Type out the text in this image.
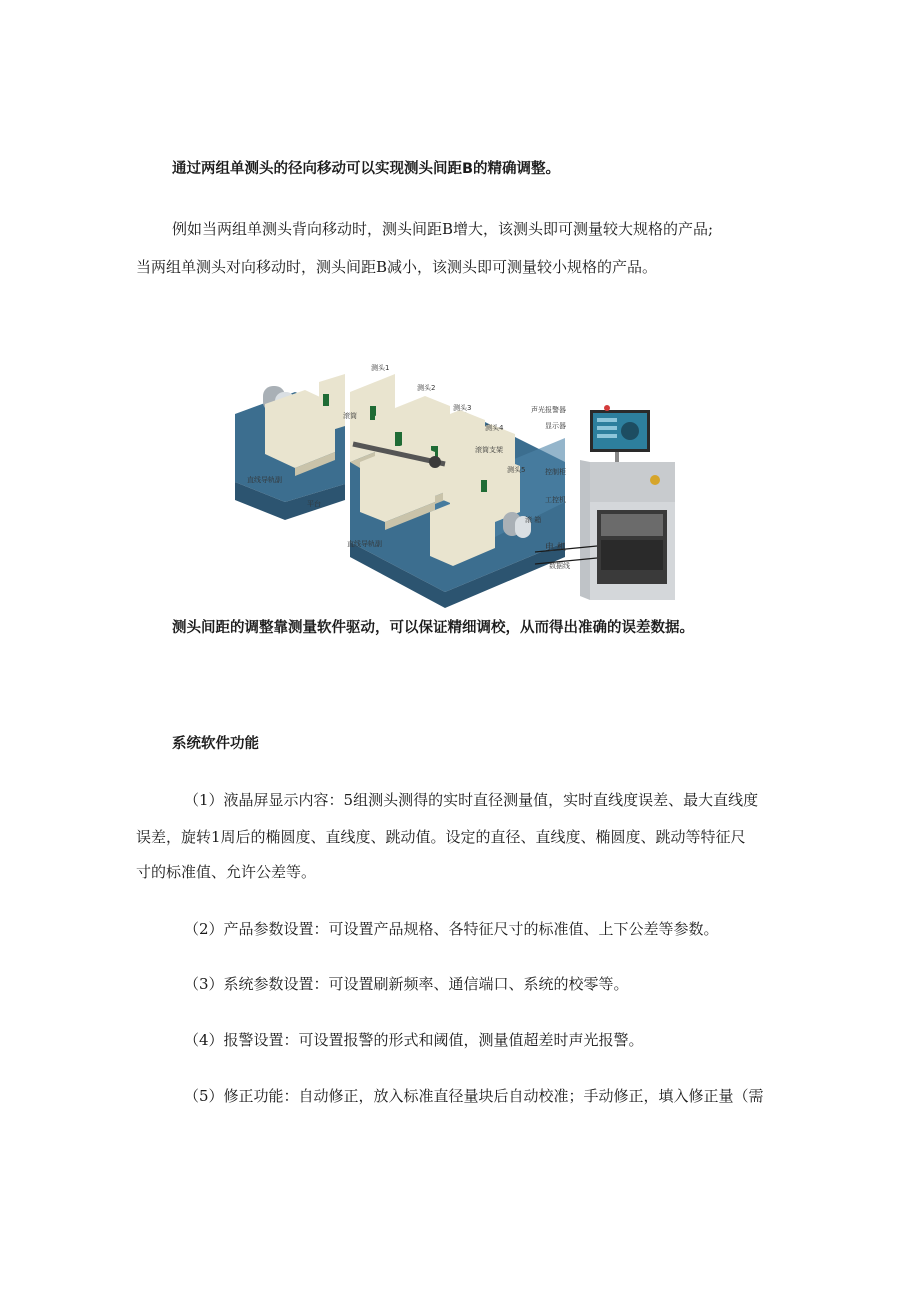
通过两组单测头的径向移动可以实现测头间距B的精确调整。
例如当两组单测头背向移动时，测头间距B增大，该测头即可测量较大规格的产品;
当两组单测头对向移动时，测头间距B减小，该测头即可测量较小规格的产品。
测头1
测头2
测头3
测头4
测头5
滚筒
滚筒支架
直线导轨副
平台
直线导轨副
声光报警器
显示器
控制柜
工控机
滚 箱
电 机
数据线
测头间距的调整靠测量软件驱动，可以保证精细调校，从而得出准确的误差数据。
系统软件功能
（1）液晶屏显示内容：5组测头测得的实时直径测量值，实时直线度误差、最大直线度
误差，旋转1周后的椭圆度、直线度、跳动值。设定的直径、直线度、椭圆度、跳动等特征尺
寸的标准值、允许公差等。
（2）产品参数设置：可设置产品规格、各特征尺寸的标准值、上下公差等参数。
（3）系统参数设置：可设置刷新频率、通信端口、系统的校零等。
（4）报警设置：可设置报警的形式和阈值，测量值超差时声光报警。
（5）修正功能：自动修正，放入标准直径量块后自动校准；手动修正，填入修正量（需
